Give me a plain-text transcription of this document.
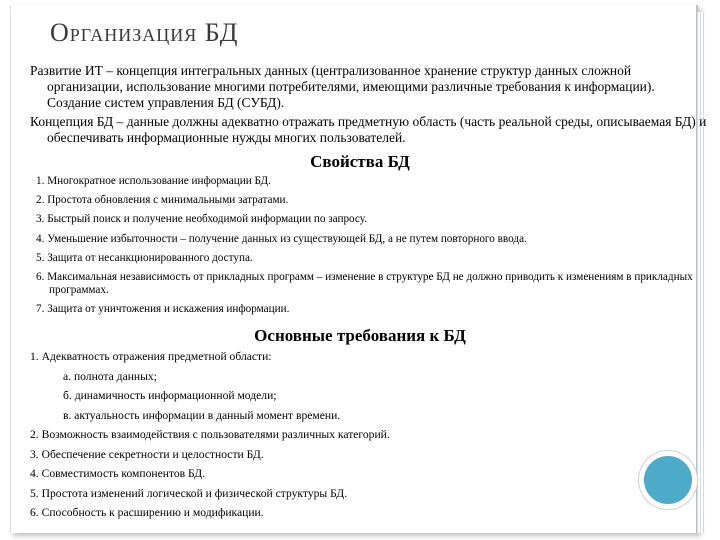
Организация БД
Развитие ИТ – концепция интегральных данных (централизованное хранение структур данных сложной организации, использование многими потребителями, имеющими различные требования к информации). Создание систем управления БД (СУБД).
Концепция БД – данные должны адекватно отражать предметную область (часть реальной среды, описываемая БД) и обеспечивать информационные нужды многих пользователей.
Свойства БД
1. Многократное использование информации БД.
2. Простота обновления с минимальными затратами.
3. Быстрый поиск и получение необходимой информации по запросу.
4. Уменьшение избыточности – получение данных из существующей БД, а не путем повторного ввода.
5. Защита от несанкционированного доступа.
6. Максимальная независимость от прикладных программ – изменение в структуре БД не должно приводить к изменениям в прикладных программах.
7. Защита от уничтожения и искажения информации.
Основные требования к БД
1. Адекватность отражения предметной области:
а. полнота данных;
б. динамичность информационной модели;
в. актуальность информации в данный момент времени.
2. Возможность взаимодействия с пользователями различных категорий.
3. Обеспечение секретности и целостности БД.
4. Совместимость компонентов БД.
5. Простота изменений логической и физической структуры БД.
6. Способность к расширению и модификации.
